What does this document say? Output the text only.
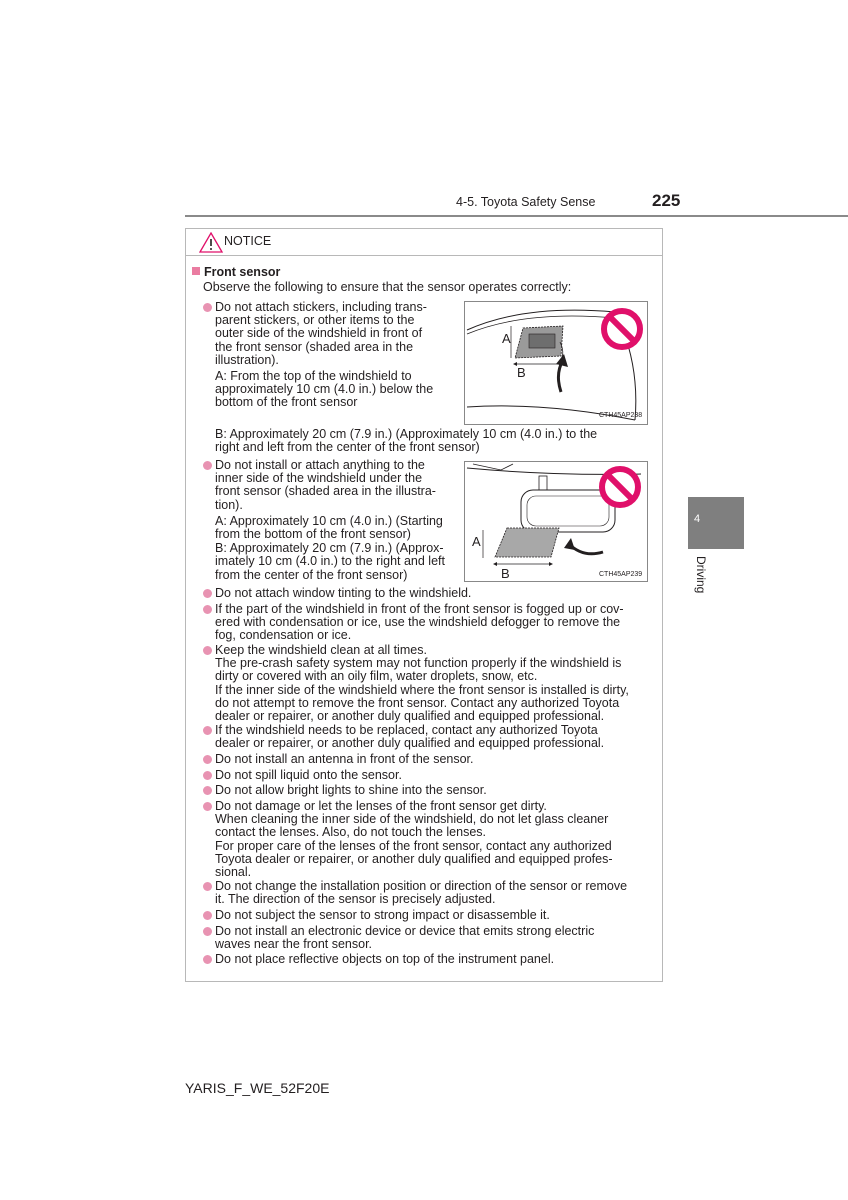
4-5. Toyota Safety Sense	225
4
Driving
NOTICE
Front sensor
Observe the following to ensure that the sensor operates correctly:
Do not attach stickers, including trans-
parent stickers, or other items to the
outer side of the windshield in front of
the front sensor (shaded area in the
illustration).
A: From the top of the windshield to
approximately 10 cm (4.0 in.) below the
bottom of the front sensor
B: Approximately 20 cm (7.9 in.) (Approximately 10 cm (4.0 in.) to the
right and left from the center of the front sensor)
A
B
CTH45AP238
Do not install or attach anything to the
inner side of the windshield under the
front sensor (shaded area in the illustra-
tion).
A: Approximately 10 cm (4.0 in.) (Starting
from the bottom of the front sensor)
B: Approximately 20 cm (7.9 in.) (Approx-
imately 10 cm (4.0 in.) to the right and left
from the center of the front sensor)
A
B	CTH45AP239
Do not attach window tinting to the windshield.
If the part of the windshield in front of the front sensor is fogged up or cov-
ered with condensation or ice, use the windshield defogger to remove the
fog, condensation or ice.
Keep the windshield clean at all times.
The pre-crash safety system may not function properly if the windshield is
dirty or covered with an oily film, water droplets, snow, etc.
If the inner side of the windshield where the front sensor is installed is dirty,
do not attempt to remove the front sensor. Contact any authorized Toyota
dealer or repairer, or another duly qualified and equipped professional.
If the windshield needs to be replaced, contact any authorized Toyota
dealer or repairer, or another duly qualified and equipped professional.
Do not install an antenna in front of the sensor.
Do not spill liquid onto the sensor.
Do not allow bright lights to shine into the sensor.
Do not damage or let the lenses of the front sensor get dirty.
When cleaning the inner side of the windshield, do not let glass cleaner
contact the lenses. Also, do not touch the lenses.
For proper care of the lenses of the front sensor, contact any authorized
Toyota dealer or repairer, or another duly qualified and equipped profes-
sional.
Do not change the installation position or direction of the sensor or remove
it. The direction of the sensor is precisely adjusted.
Do not subject the sensor to strong impact or disassemble it.
Do not install an electronic device or device that emits strong electric
waves near the front sensor.
Do not place reflective objects on top of the instrument panel.
YARIS_F_WE_52F20E
